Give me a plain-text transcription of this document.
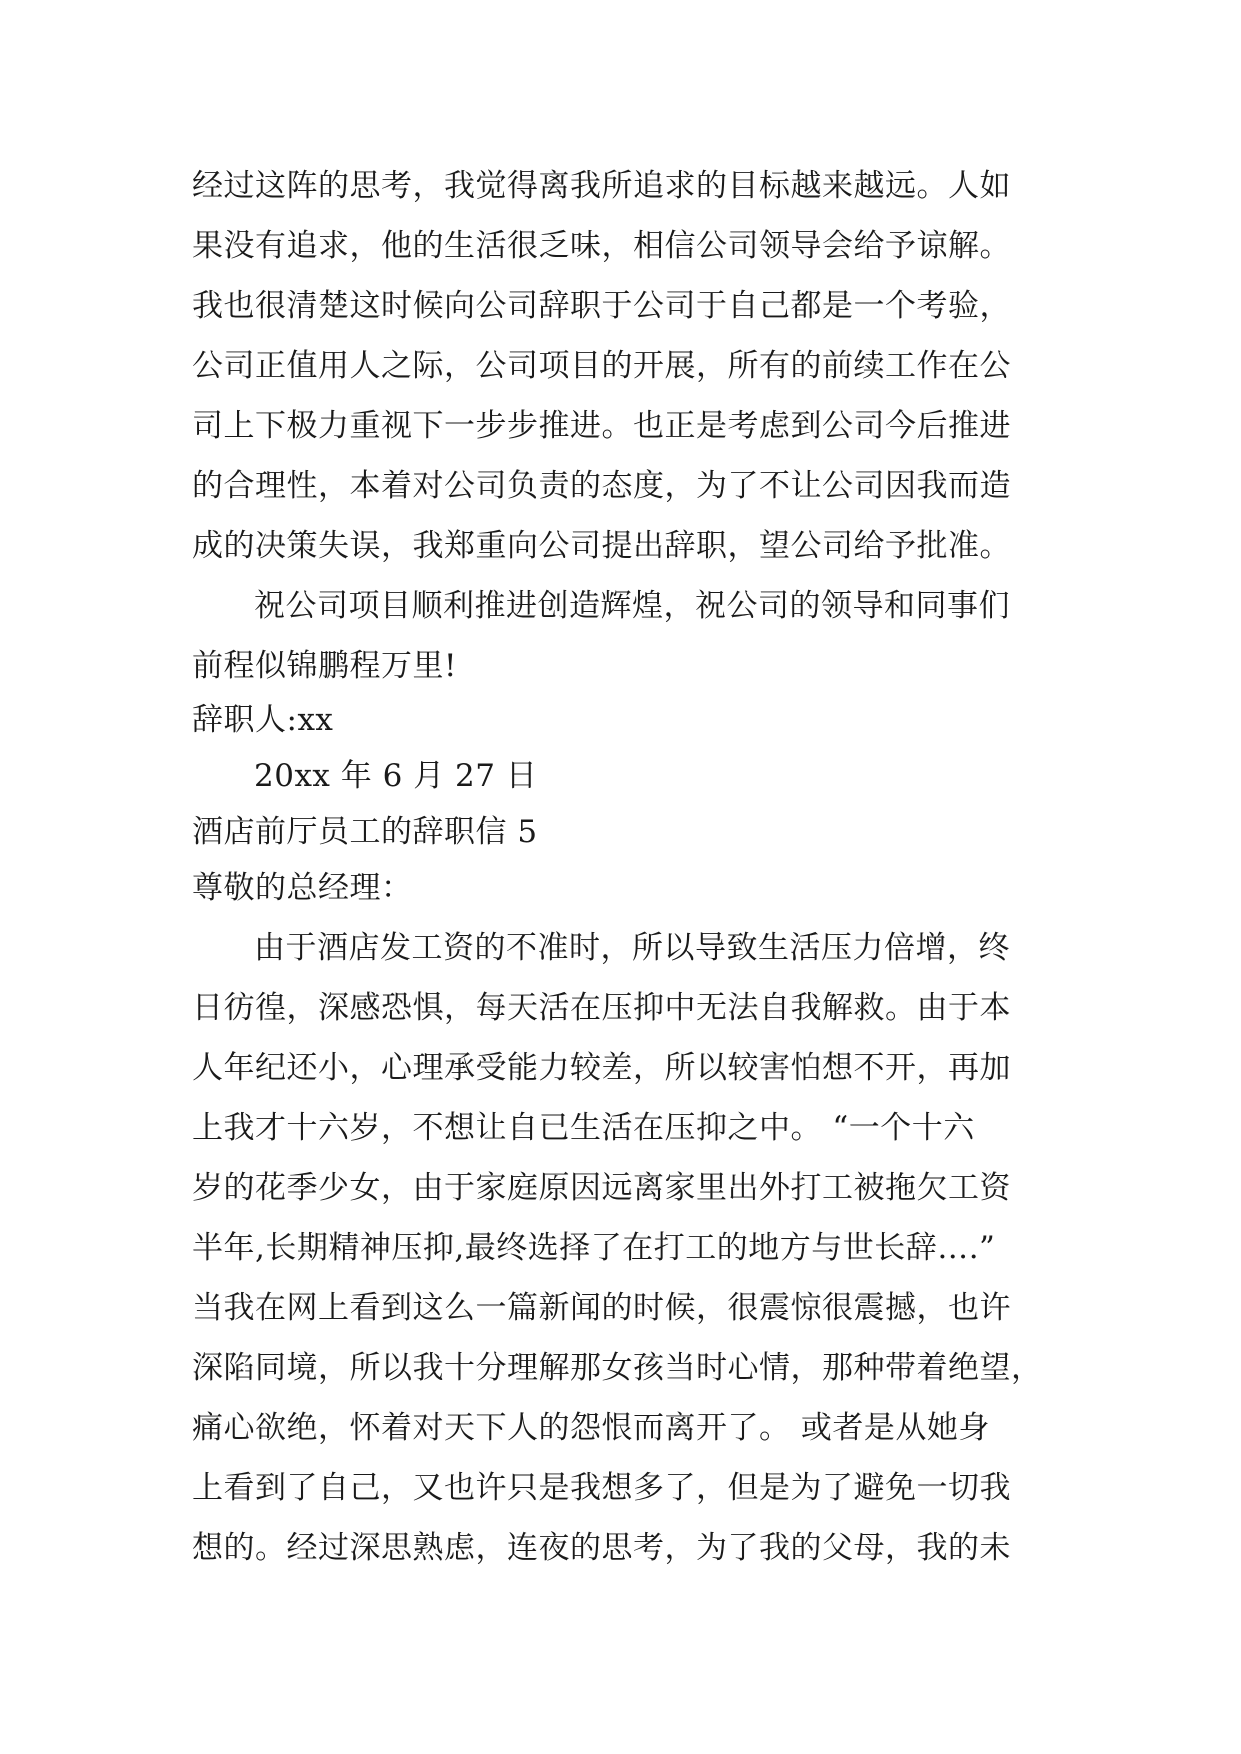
经过这阵的思考，我觉得离我所追求的目标越来越远。人如
果没有追求，他的生活很乏味，相信公司领导会给予谅解。
我也很清楚这时候向公司辞职于公司于自己都是一个考验，
公司正值用人之际，公司项目的开展，所有的前续工作在公
司上下极力重视下一步步推进。也正是考虑到公司今后推进
的合理性，本着对公司负责的态度，为了不让公司因我而造
成的决策失误，我郑重向公司提出辞职，望公司给予批准。
祝公司项目顺利推进创造辉煌，祝公司的领导和同事们
前程似锦鹏程万里!
辞职人:xx
20xx 年 6 月 27 日
酒店前厅员工的辞职信 5
尊敬的总经理：
由于酒店发工资的不准时，所以导致生活压力倍增，终
日彷徨，深感恐惧，每天活在压抑中无法自我解救。由于本
人年纪还小，心理承受能力较差，所以较害怕想不开，再加
上我才十六岁，不想让自已生活在压抑之中。 “一个十六
岁的花季少女，由于家庭原因远离家里出外打工被拖欠工资
半年,长期精神压抑,最终选择了在打工的地方与世长辞….”
当我在网上看到这么一篇新闻的时候，很震惊很震撼，也许
深陷同境，所以我十分理解那女孩当时心情，那种带着绝望，
痛心欲绝，怀着对天下人的怨恨而离开了。 或者是从她身
上看到了自己，又也许只是我想多了，但是为了避免一切我
想的。经过深思熟虑，连夜的思考，为了我的父母，我的未
